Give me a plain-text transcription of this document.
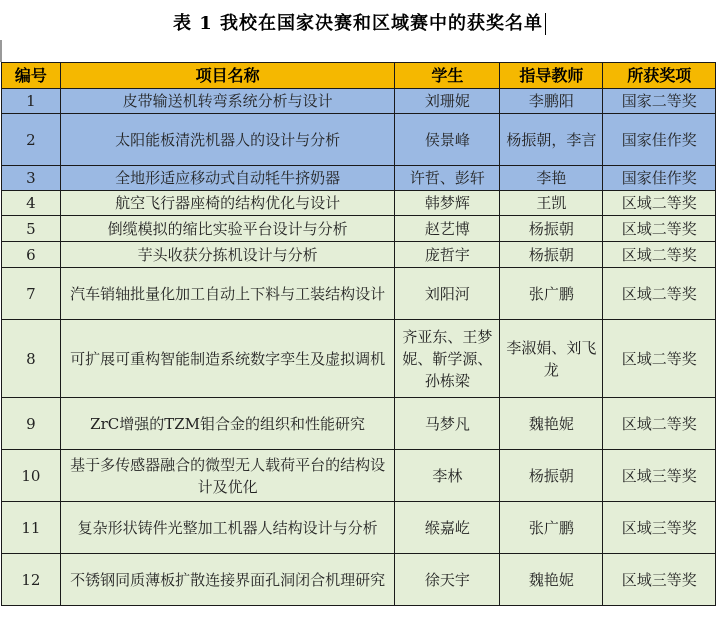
表 1 我校在国家决赛和区域赛中的获奖名单
编号	项目名称	学生	指导教师	所获奖项
1	皮带输送机转弯系统分析与设计	刘珊妮	李鹏阳	国家二等奖
2	太阳能板清洗机器人的设计与分析	侯景峰	杨振朝，李言	国家佳作奖
3	全地形适应移动式自动牦牛挤奶器	许哲、彭轩	李艳	国家佳作奖
4	航空飞行器座椅的结构优化与设计	韩梦辉	王凯	区域二等奖
5	倒缆模拟的缩比实验平台设计与分析	赵艺博	杨振朝	区域二等奖
6	芋头收获分拣机设计与分析	庞哲宇	杨振朝	区域二等奖
7	汽车销轴批量化加工自动上下料与工装结构设计	刘阳河	张广鹏	区域二等奖
8	可扩展可重构智能制造系统数字孪生及虚拟调机	齐亚东、王梦妮、靳学源、孙栋梁	李淑娟、刘飞龙	区域二等奖
9	ZrC增强的TZM钼合金的组织和性能研究	马梦凡	魏艳妮	区域二等奖
10	基于多传感器融合的微型无人载荷平台的结构设计及优化	李林	杨振朝	区域三等奖
11	复杂形状铸件光整加工机器人结构设计与分析	缑嘉屹	张广鹏	区域三等奖
12	不锈钢同质薄板扩散连接界面孔洞闭合机理研究	徐天宇	魏艳妮	区域三等奖
